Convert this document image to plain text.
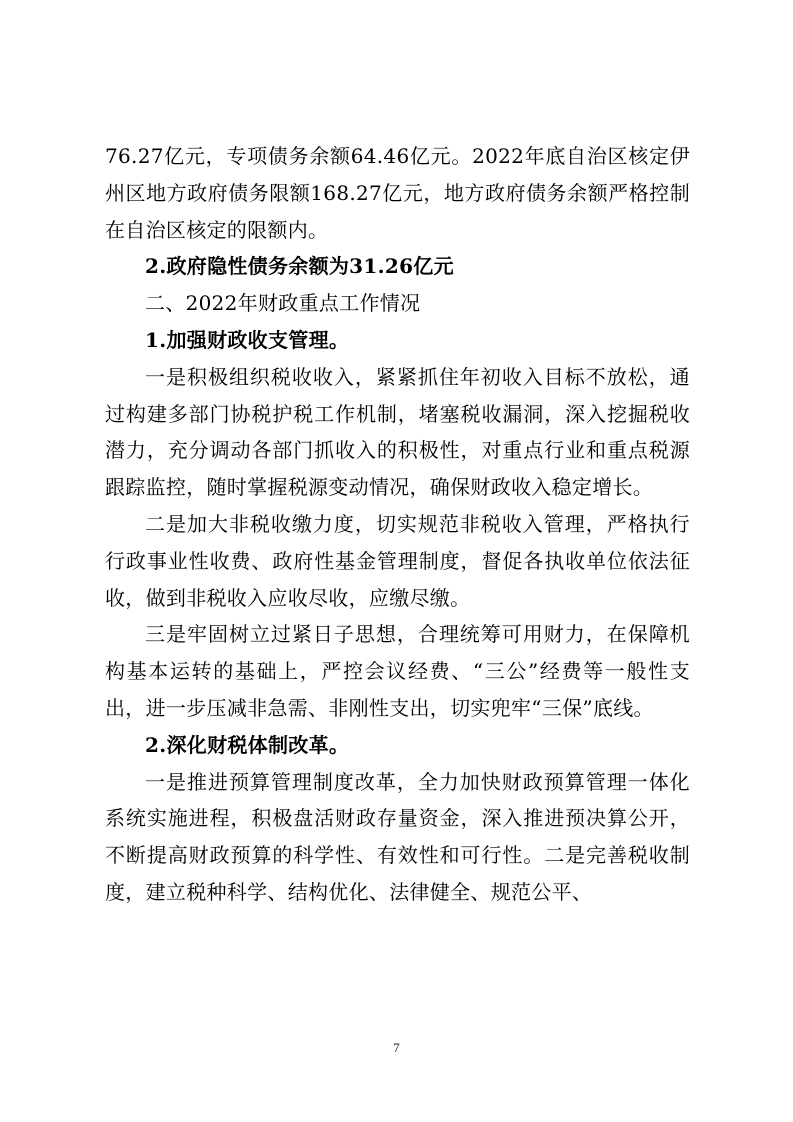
76.27亿元，专项债务余额64.46亿元。2022年底自治区核定伊州区地方政府债务限额168.27亿元，地方政府债务余额严格控制在自治区核定的限额内。

2.政府隐性债务余额为31.26亿元

二、2022年财政重点工作情况

1.加强财政收支管理。

一是积极组织税收收入，紧紧抓住年初收入目标不放松，通过构建多部门协税护税工作机制，堵塞税收漏洞，深入挖掘税收潜力，充分调动各部门抓收入的积极性，对重点行业和重点税源跟踪监控，随时掌握税源变动情况，确保财政收入稳定增长。

二是加大非税收缴力度，切实规范非税收入管理，严格执行行政事业性收费、政府性基金管理制度，督促各执收单位依法征收，做到非税收入应收尽收，应缴尽缴。

三是牢固树立过紧日子思想，合理统筹可用财力，在保障机构基本运转的基础上，严控会议经费、“三公”经费等一般性支出，进一步压减非急需、非刚性支出，切实兜牢“三保”底线。

2.深化财税体制改革。

一是推进预算管理制度改革，全力加快财政预算管理一体化系统实施进程，积极盘活财政存量资金，深入推进预决算公开，不断提高财政预算的科学性、有效性和可行性。二是完善税收制度，建立税种科学、结构优化、法律健全、规范公平、

7
